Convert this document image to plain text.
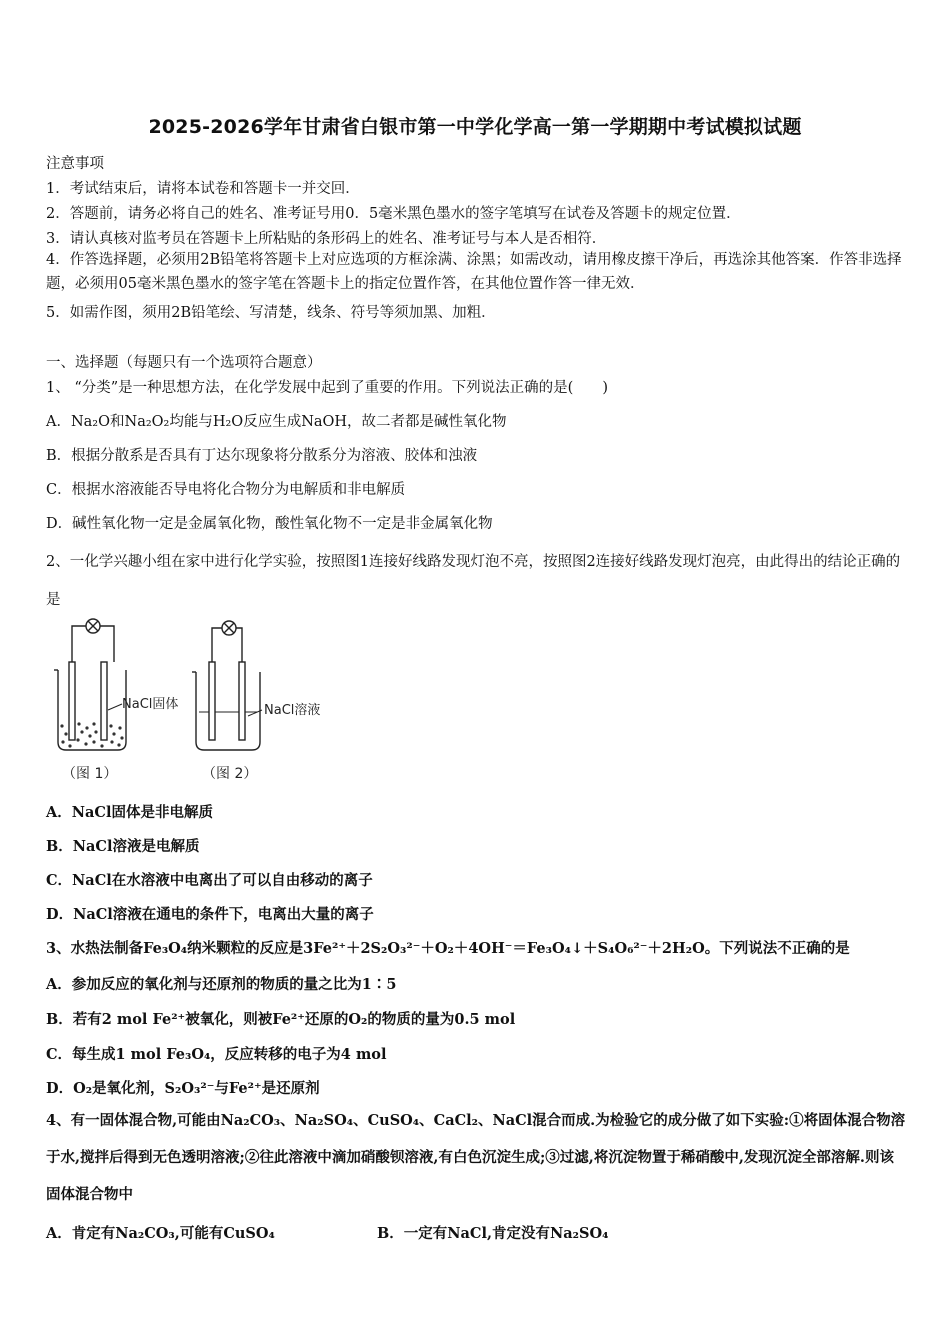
2025-2026学年甘肃省白银市第一中学化学高一第一学期期中考试模拟试题
注意事项
1．考试结束后，请将本试卷和答题卡一并交回．
2．答题前，请务必将自己的姓名、准考证号用0．5毫米黑色墨水的签字笔填写在试卷及答题卡的规定位置．
3．请认真核对监考员在答题卡上所粘贴的条形码上的姓名、准考证号与本人是否相符．
4．作答选择题，必须用2B铅笔将答题卡上对应选项的方框涂满、涂黑；如需改动，请用橡皮擦干净后，再选涂其他答案．作答非选择题，必须用05毫米黑色墨水的签字笔在答题卡上的指定位置作答，在其他位置作答一律无效．
5．如需作图，须用2B铅笔绘、写清楚，线条、符号等须加黑、加粗．
一、选择题（每题只有一个选项符合题意）
1、 “分类”是一种思想方法，在化学发展中起到了重要的作用。下列说法正确的是(　　)
A．Na₂O和Na₂O₂均能与H₂O反应生成NaOH，故二者都是碱性氧化物
B．根据分散系是否具有丁达尔现象将分散系分为溶液、胶体和浊液
C．根据水溶液能否导电将化合物分为电解质和非电解质
D．碱性氧化物一定是金属氧化物，酸性氧化物不一定是非金属氧化物
2、一化学兴趣小组在家中进行化学实验，按照图1连接好线路发现灯泡不亮，按照图2连接好线路发现灯泡亮，由此得出的结论正确的是
NaCl固体
（图 1）
NaCl溶液
（图 2）
A．NaCl固体是非电解质
B．NaCl溶液是电解质
C．NaCl在水溶液中电离出了可以自由移动的离子
D．NaCl溶液在通电的条件下，电离出大量的离子
3、水热法制备Fe₃O₄纳米颗粒的反应是3Fe²⁺＋2S₂O₃²⁻＋O₂＋4OH⁻＝Fe₃O₄↓＋S₄O₆²⁻＋2H₂O。下列说法不正确的是
A．参加反应的氧化剂与还原剂的物质的量之比为1∶5
B．若有2 mol Fe²⁺被氧化，则被Fe²⁺还原的O₂的物质的量为0.5 mol
C．每生成1 mol Fe₃O₄，反应转移的电子为4 mol
D．O₂是氧化剂，S₂O₃²⁻与Fe²⁺是还原剂
4、有一固体混合物,可能由Na₂CO₃、Na₂SO₄、CuSO₄、CaCl₂、NaCl混合而成.为检验它的成分做了如下实验:①将固体混合物溶于水,搅拌后得到无色透明溶液;②往此溶液中滴加硝酸钡溶液,有白色沉淀生成;③过滤,将沉淀物置于稀硝酸中,发现沉淀全部溶解.则该固体混合物中
A．肯定有Na₂CO₃,可能有CuSO₄	B．一定有NaCl,肯定没有Na₂SO₄
